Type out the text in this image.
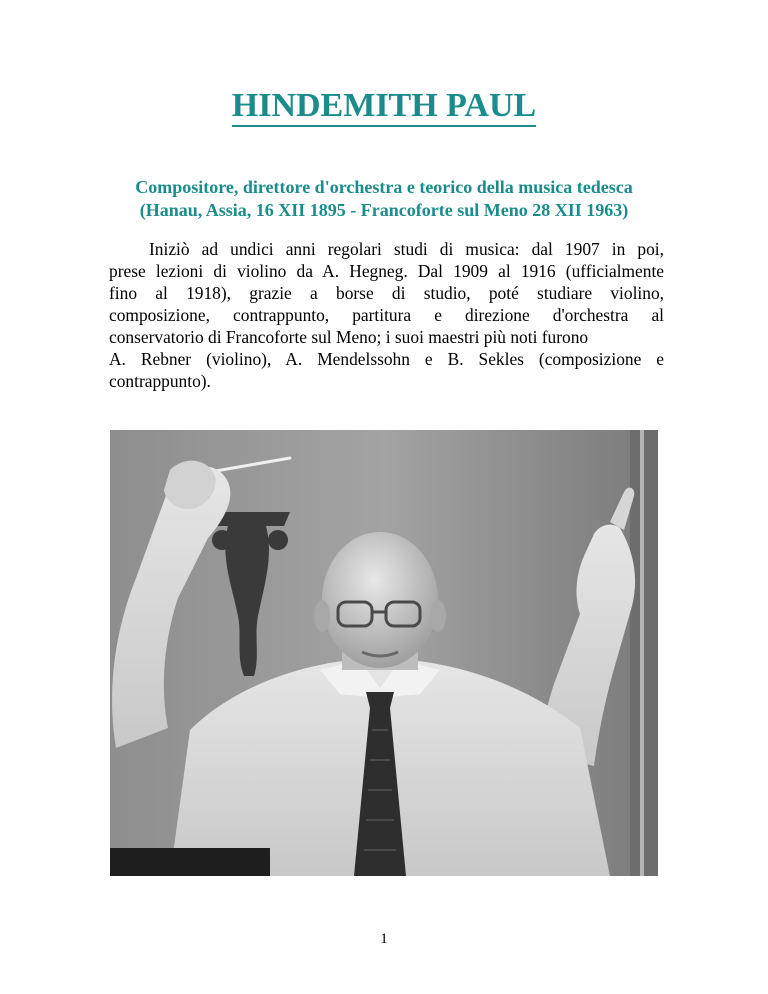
HINDEMITH PAUL
Compositore, direttore d'orchestra e teorico della musica tedesca
(Hanau, Assia, 16 XII 1895 - Francoforte sul Meno 28 XII 1963)
Iniziò ad undici anni regolari studi di musica: dal 1907 in poi,
prese lezioni di violino da A. Hegneg. Dal 1909 al 1916 (ufficialmente
fino al 1918), grazie a borse di studio, poté studiare violino,
composizione, contrappunto, partitura e direzione d'orchestra al
conservatorio di Francoforte sul Meno; i suoi maestri più noti furono
A. Rebner (violino), A. Mendelssohn e B. Sekles (composizione e
contrappunto).
1
